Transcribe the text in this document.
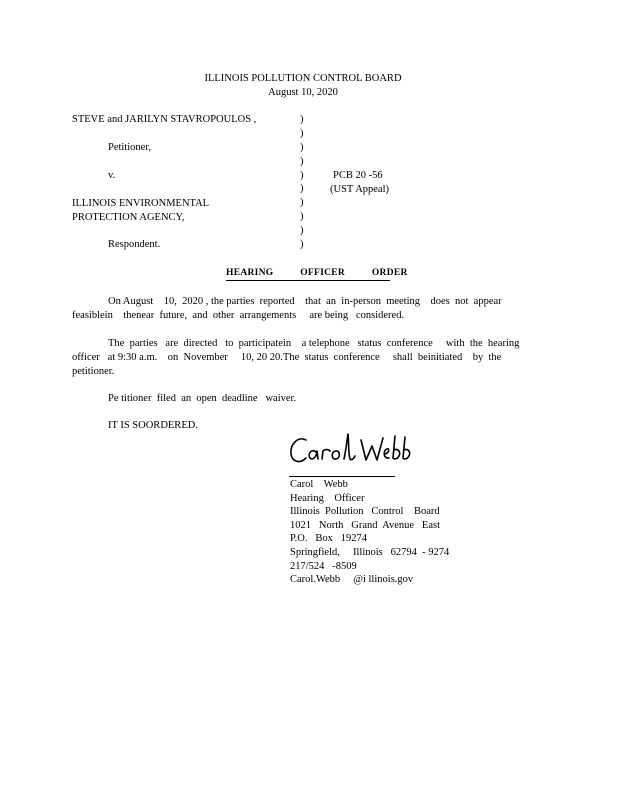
ILLINOIS POLLUTION CONTROL BOARD
August 10, 2020
STEVE and JARILYN STAVROPOULOS ,
Petitioner,
v.
ILLINOIS ENVIRONMENTAL
PROTECTION AGENCY,
Respondent.
)
)
)
)
)
)
)
)
)
)
PCB 20 -56
(UST Appeal)
HEARING          OFFICER          ORDER
On August    10,  2020 , the parties  reported    that  an  in-person  meeting    does  not  appear
feasiblein    thenear  future,  and  other  arrangements     are being   considered.
The  parties   are  directed   to  participatein    a telephone   status  conference     with  the  hearing
officer   at 9:30 a.m.    on  November     10, 20 20.The  status  conference     shall  beinitiated    by  the
petitioner.
Pe titioner  filed  an  open  deadline   waiver.
IT IS SOORDERED.
Carol    Webb
Hearing    Officer
Illinois  Pollution   Control    Board
1021   North   Grand  Avenue   East
P.O.   Box   19274
Springfield,     Illinois   62794  - 9274
217/524   -8509
Carol.Webb     @i llinois.gov
